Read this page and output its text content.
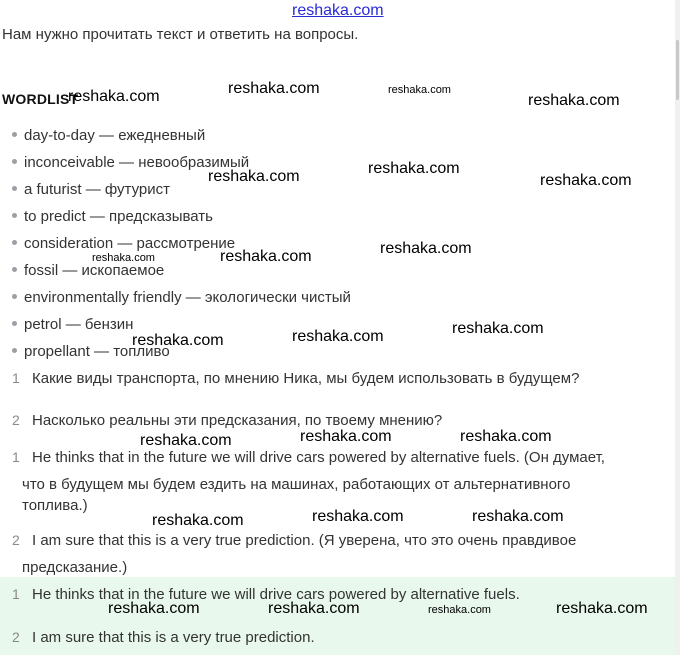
reshaka.com
Нам нужно прочитать текст и ответить на вопросы.
WORDLIST
day-to-day — ежедневный
inconceivable — невообразимый
a futurist — футурист
to predict — предсказывать
consideration — рассмотрение
fossil — ископаемое
environmentally friendly — экологически чистый
petrol — бензин
propellant — топливо
1 Какие виды транспорта, по мнению Ника, мы будем использовать в будущем?
2 Насколько реальны эти предсказания, по твоему мнению?
1 He thinks that in the future we will drive cars powered by alternative fuels. (Он думает,
что в будущем мы будем ездить на машинах, работающих от альтернативного
топлива.)
2 I am sure that this is a very true prediction. (Я уверена, что это очень правдивое
предсказание.)
1 He thinks that in the future we will drive cars powered by alternative fuels.
2 I am sure that this is a very true prediction.
reshaka.com	reshaka.com	reshaka.com
reshaka.com
reshaka.com	reshaka.com
reshaka.com
reshaka.com	reshaka.com	reshaka.com
reshaka.com	reshaka.com	reshaka.com
reshaka.com	reshaka.com	reshaka.com
reshaka.com	reshaka.com	reshaka.com
reshaka.com	reshaka.com	reshaka.com	reshaka.com
